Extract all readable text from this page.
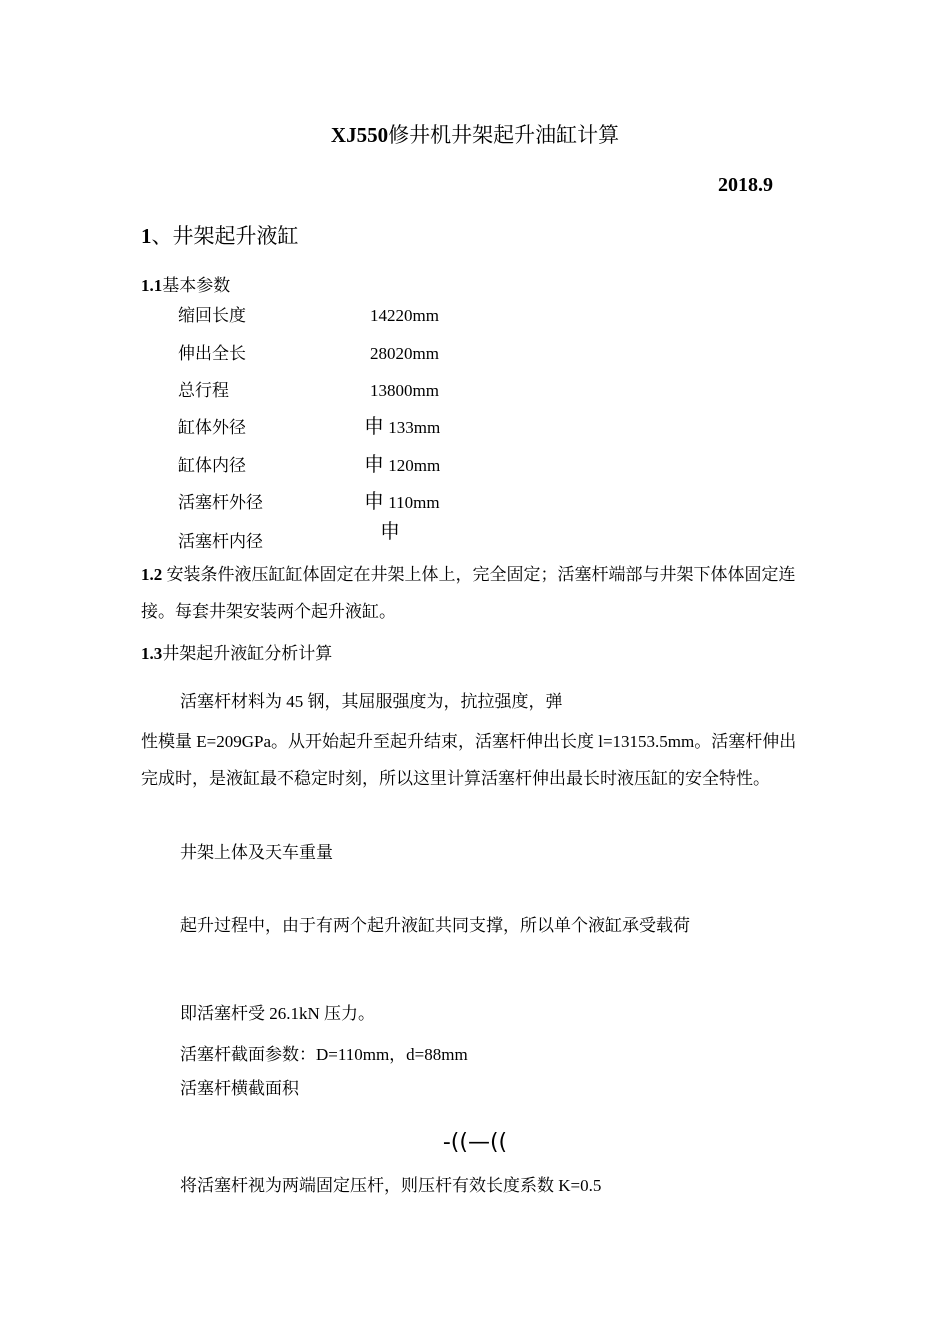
XJ550修井机井架起升油缸计算
2018.9
1、井架起升液缸
1.1基本参数
缩回长度	14220mm
伸出全长	28020mm
总行程	13800mm
缸体外径	申 133mm
缸体内径	申 120mm
活塞杆外径	申 110mm
活塞杆内径	申
1.2 安装条件液压缸缸体固定在井架上体上，完全固定；活塞杆端部与井架下体体固定连接。每套井架安装两个起升液缸。
1.3井架起升液缸分析计算
活塞杆材料为 45 钢，其屈服强度为，抗拉强度，弹
性模量 E=209GPa。从开始起升至起升结束，活塞杆伸出长度 l=13153.5mm。活塞杆伸出完成时，是液缸最不稳定时刻，所以这里计算活塞杆伸出最长时液压缸的安全特性。
井架上体及天车重量
起升过程中，由于有两个起升液缸共同支撑，所以单个液缸承受载荷
即活塞杆受 26.1kN 压力。
活塞杆截面参数：D=110mm，d=88mm
活塞杆横截面积
-((—((
将活塞杆视为两端固定压杆，则压杆有效长度系数 K=0.5
